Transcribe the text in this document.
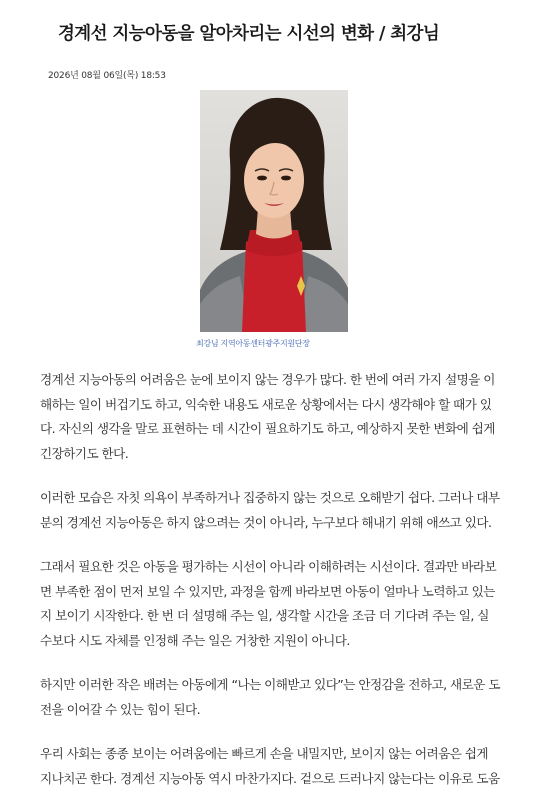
경계선 지능아동을 알아차리는 시선의 변화 / 최강님
2026년 08월 06일(목) 18:53
최강님 지역아동센터광주지원단장
경계선 지능아동의 어려움은 눈에 보이지 않는 경우가 많다. 한 번에 여러 가지 설명을 이
해하는 일이 버겁기도 하고, 익숙한 내용도 새로운 상황에서는 다시 생각해야 할 때가 있
다. 자신의 생각을 말로 표현하는 데 시간이 필요하기도 하고, 예상하지 못한 변화에 쉽게
긴장하기도 한다.
이러한 모습은 자칫 의욕이 부족하거나 집중하지 않는 것으로 오해받기 쉽다. 그러나 대부
분의 경계선 지능아동은 하지 않으려는 것이 아니라, 누구보다 해내기 위해 애쓰고 있다.
그래서 필요한 것은 아동을 평가하는 시선이 아니라 이해하려는 시선이다. 결과만 바라보
면 부족한 점이 먼저 보일 수 있지만, 과정을 함께 바라보면 아동이 얼마나 노력하고 있는
지 보이기 시작한다. 한 번 더 설명해 주는 일, 생각할 시간을 조금 더 기다려 주는 일, 실
수보다 시도 자체를 인정해 주는 일은 거창한 지원이 아니다.
하지만 이러한 작은 배려는 아동에게 “나는 이해받고 있다”는 안정감을 전하고, 새로운 도
전을 이어갈 수 있는 힘이 된다.
우리 사회는 종종 보이는 어려움에는 빠르게 손을 내밀지만, 보이지 않는 어려움은 쉽게
지나치곤 한다. 경계선 지능아동 역시 마찬가지다. 겉으로 드러나지 않는다는 이유로 도움
